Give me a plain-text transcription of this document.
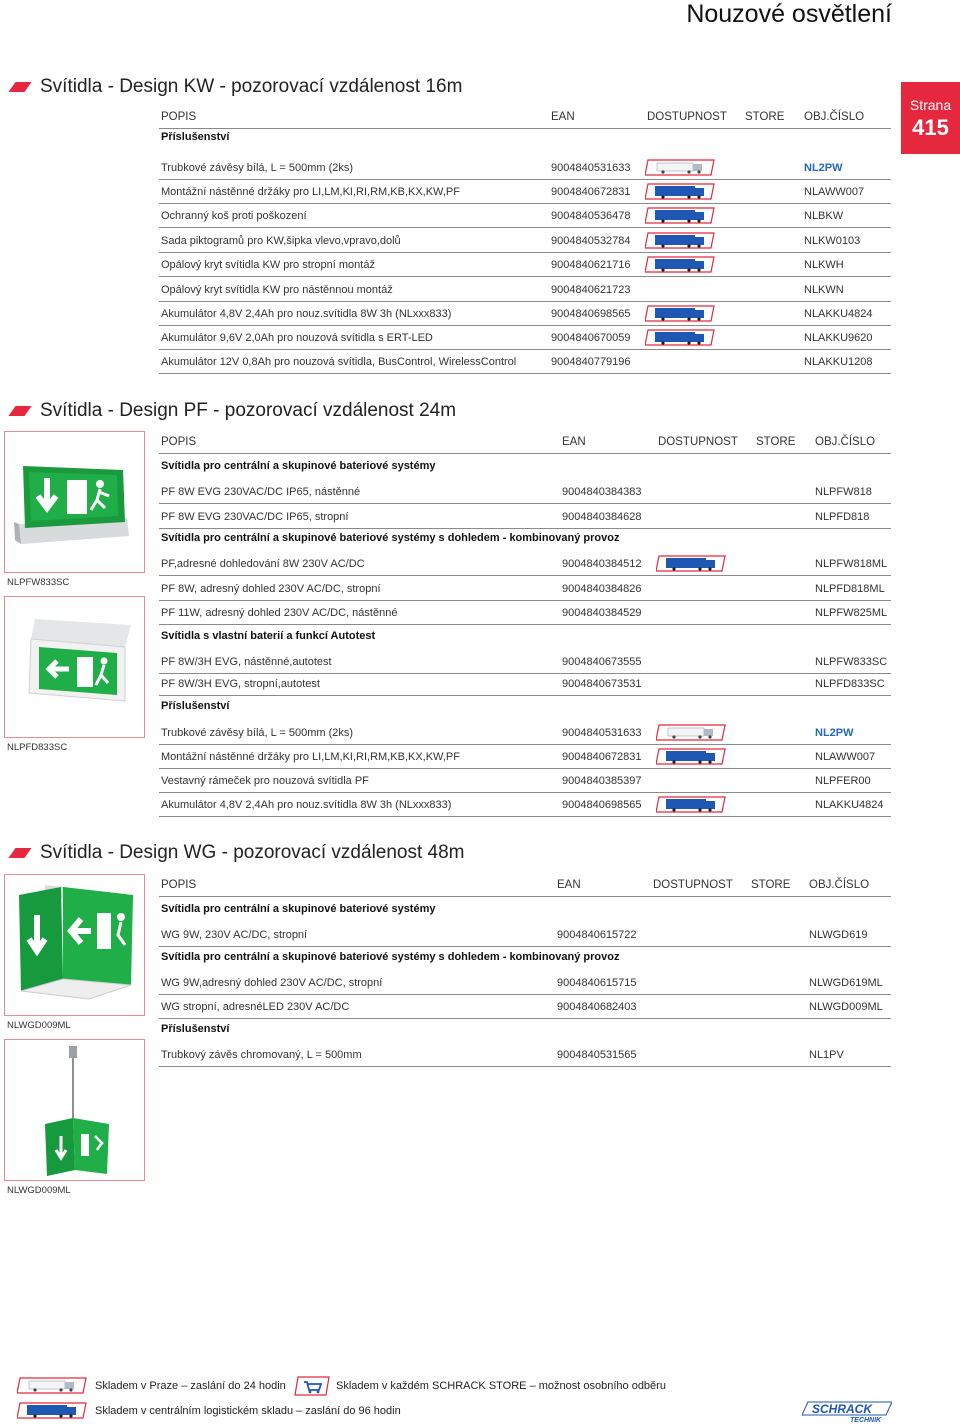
Nouzové osvětlení
Strana
415
Svítidla - Design KW - pozorovací vzdálenost 16m
Svítidla - Design PF - pozorovací vzdálenost 24m
Svítidla - Design WG - pozorovací vzdálenost 48m
POPIS	EAN	DOSTUPNOST STORE OBJ.ČÍSLO
Příslušenství
Trubkové závěsy bílá, L = 500mm (2ks)	9004840531633	NL2PW
Montážní nástěnné držáky pro LI,LM,KI,RI,RM,KB,KX,KW,PF	9004840672831	NLAWW007
Ochranný koš proti poškození	9004840536478	NLBKW
Sada piktogramů pro KW,šipka vlevo,vpravo,dolů	9004840532784	NLKW0103
Opálový kryt svítidla KW pro stropní montáž	9004840621716	NLKWH
Opálový kryt svítidla KW pro nástěnnou montáž	9004840621723	NLKWN
Akumulátor 4,8V 2,4Ah pro nouz.svítidla 8W 3h (NLxxx833)	9004840698565	NLAKKU4824
Akumulátor 9,6V 2,0Ah pro nouzová svítidla s ERT-LED	9004840670059	NLAKKU9620
Akumulátor 12V 0,8Ah pro nouzová svítidla, BusControl, WirelessControl	9004840779196	NLAKKU1208
POPIS	EAN	DOSTUPNOST STORE OBJ.ČÍSLO
Svítidla pro centrální a skupinové bateriové systémy
PF 8W EVG 230VAC/DC IP65, nástěnné	9004840384383	NLPFW818
PF 8W EVG 230VAC/DC IP65, stropní	9004840384628	NLPFD818
Svítidla pro centrální a skupinové bateriové systémy s dohledem - kombinovaný provoz
PF,adresné dohledování 8W 230V AC/DC	9004840384512	NLPFW818ML
PF 8W, adresný dohled 230V AC/DC, stropní	9004840384826	NLPFD818ML
PF 11W, adresný dohled 230V AC/DC, nástěnné	9004840384529	NLPFW825ML
Svítidla s vlastní baterií a funkcí Autotest
PF 8W/3H EVG, nástěnné,autotest	9004840673555	NLPFW833SC
PF 8W/3H EVG, stropní,autotest	9004840673531	NLPFD833SC
Příslušenství
Trubkové závěsy bílá, L = 500mm (2ks)	9004840531633	NL2PW
Montážní nástěnné držáky pro LI,LM,KI,RI,RM,KB,KX,KW,PF	9004840672831	NLAWW007
Vestavný rámeček pro nouzová svítidla PF	9004840385397	NLPFER00
Akumulátor 4,8V 2,4Ah pro nouz.svítidla 8W 3h (NLxxx833)	9004840698565	NLAKKU4824
POPIS	EAN	DOSTUPNOST STORE OBJ.ČÍSLO
Svítidla pro centrální a skupinové bateriové systémy
WG 9W, 230V AC/DC, stropní	9004840615722	NLWGD619
Svítidla pro centrální a skupinové bateriové systémy s dohledem - kombinovaný provoz
WG 9W,adresný dohled 230V AC/DC, stropní	9004840615715	NLWGD619ML
WG stropní, adresnéLED 230V AC/DC	9004840682403	NLWGD009ML
Příslušenství
Trubkový závěs chromovaný, L = 500mm	9004840531565	NL1PV
NLPFW833SC
NLPFD833SC
NLWGD009ML
NLWGD009ML
Skladem v Praze – zaslání do 24 hodin
Skladem v centrálním logistickém skladu – zaslání do 96 hodin
Skladem v každém SCHRACK STORE – možnost osobního odběru
SCHRACK
TECHNIK
